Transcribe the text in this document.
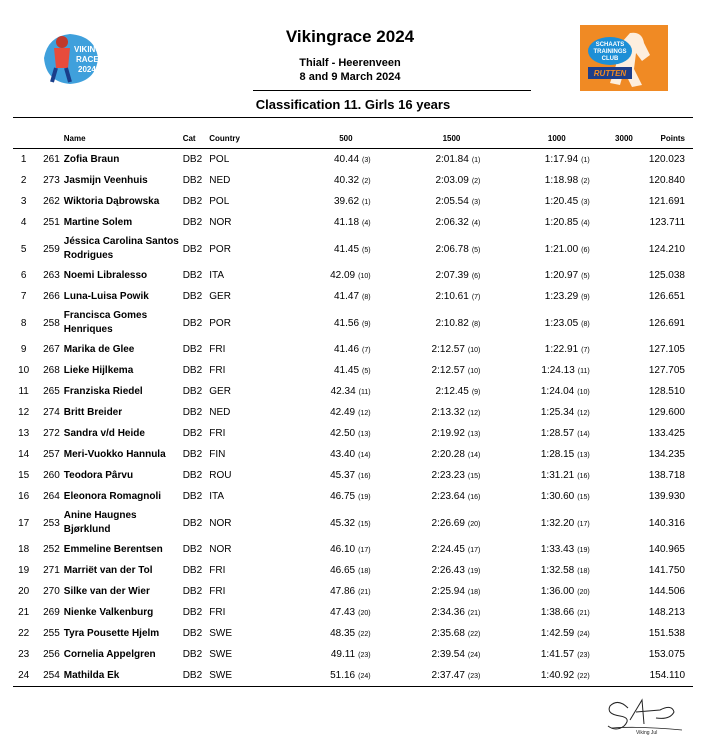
VIKING
RACE
2024
Vikingrace 2024
Thialf - Heerenveen
8 and 9 March 2024
SCHAATS
TRAININGS
CLUB
RUTTEN
Classification 11. Girls 16 years
		Name	Cat	Country	500	1500	1000	3000	Points
1	261	Zofia Braun	DB2	POL	40.44 (3)	2:01.84 (1)	1:17.94 (1)		120.023
2	273	Jasmijn Veenhuis	DB2	NED	40.32 (2)	2:03.09 (2)	1:18.98 (2)		120.840
3	262	Wiktoria Dąbrowska	DB2	POL	39.62 (1)	2:05.54 (3)	1:20.45 (3)		121.691
4	251	Martine Solem	DB2	NOR	41.18 (4)	2:06.32 (4)	1:20.85 (4)		123.711
5	259	Jéssica Carolina Santos Rodrigues	DB2	POR	41.45 (5)	2:06.78 (5)	1:21.00 (6)		124.210
6	263	Noemi Libralesso	DB2	ITA	42.09 (10)	2:07.39 (6)	1:20.97 (5)		125.038
7	266	Luna-Luisa Powik	DB2	GER	41.47 (8)	2:10.61 (7)	1:23.29 (9)		126.651
8	258	Francisca Gomes Henriques	DB2	POR	41.56 (9)	2:10.82 (8)	1:23.05 (8)		126.691
9	267	Marika de Glee	DB2	FRI	41.46 (7)	2:12.57 (10)	1:22.91 (7)		127.105
10	268	Lieke Hijlkema	DB2	FRI	41.45 (5)	2:12.57 (10)	1:24.13 (11)		127.705
11	265	Franziska Riedel	DB2	GER	42.34 (11)	2:12.45 (9)	1:24.04 (10)		128.510
12	274	Britt Breider	DB2	NED	42.49 (12)	2:13.32 (12)	1:25.34 (12)		129.600
13	272	Sandra v/d Heide	DB2	FRI	42.50 (13)	2:19.92 (13)	1:28.57 (14)		133.425
14	257	Meri-Vuokko Hannula	DB2	FIN	43.40 (14)	2:20.28 (14)	1:28.15 (13)		134.235
15	260	Teodora Pârvu	DB2	ROU	45.37 (16)	2:23.23 (15)	1:31.21 (16)		138.718
16	264	Eleonora Romagnoli	DB2	ITA	46.75 (19)	2:23.64 (16)	1:30.60 (15)		139.930
17	253	Anine Haugnes Bjørklund	DB2	NOR	45.32 (15)	2:26.69 (20)	1:32.20 (17)		140.316
18	252	Emmeline Berentsen	DB2	NOR	46.10 (17)	2:24.45 (17)	1:33.43 (19)		140.965
19	271	Marriët van der Tol	DB2	FRI	46.65 (18)	2:26.43 (19)	1:32.58 (18)		141.750
20	270	Silke van der Wier	DB2	FRI	47.86 (21)	2:25.94 (18)	1:36.00 (20)		144.506
21	269	Nienke Valkenburg	DB2	FRI	47.43 (20)	2:34.36 (21)	1:38.66 (21)		148.213
22	255	Tyra Pousette Hjelm	DB2	SWE	48.35 (22)	2:35.68 (22)	1:42.59 (24)		151.538
23	256	Cornelia Appelgren	DB2	SWE	49.11 (23)	2:39.54 (24)	1:41.57 (23)		153.075
24	254	Mathilda Ek	DB2	SWE	51.16 (24)	2:37.47 (23)	1:40.92 (22)		154.110
Viking Jul
